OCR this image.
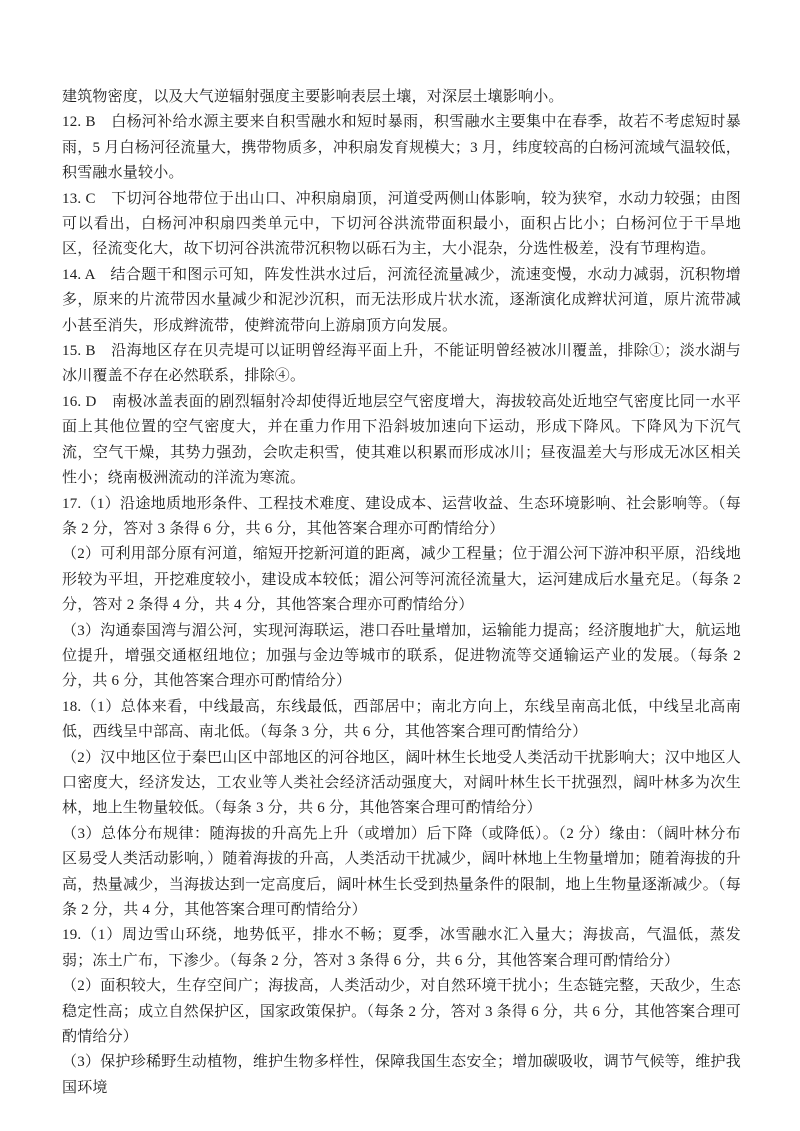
建筑物密度，以及大气逆辐射强度主要影响表层土壤，对深层土壤影响小。

12. B　白杨河补给水源主要来自积雪融水和短时暴雨，积雪融水主要集中在春季，故若不考虑短时暴雨，5 月白杨河径流量大，携带物质多，冲积扇发育规模大；3 月，纬度较高的白杨河流域气温较低，积雪融水量较小。

13. C　下切河谷地带位于出山口、冲积扇扇顶，河道受两侧山体影响，较为狭窄，水动力较强；由图可以看出，白杨河冲积扇四类单元中，下切河谷洪流带面积最小，面积占比小；白杨河位于干旱地区，径流变化大，故下切河谷洪流带沉积物以砾石为主，大小混杂，分选性极差，没有节理构造。

14. A　结合题干和图示可知，阵发性洪水过后，河流径流量减少，流速变慢，水动力减弱，沉积物增多，原来的片流带因水量减少和泥沙沉积，而无法形成片状水流，逐渐演化成辫状河道，原片流带减小甚至消失，形成辫流带，使辫流带向上游扇顶方向发展。

15. B　沿海地区存在贝壳堤可以证明曾经海平面上升，不能证明曾经被冰川覆盖，排除①；淡水湖与冰川覆盖不存在必然联系，排除④。

16. D　南极冰盖表面的剧烈辐射冷却使得近地层空气密度增大，海拔较高处近地空气密度比同一水平面上其他位置的空气密度大，并在重力作用下沿斜坡加速向下运动，形成下降风。下降风为下沉气流，空气干燥，其势力强劲，会吹走积雪，使其难以积累而形成冰川；昼夜温差大与形成无冰区相关性小；绕南极洲流动的洋流为寒流。

17.（1）沿途地质地形条件、工程技术难度、建设成本、运营收益、生态环境影响、社会影响等。（每条 2 分，答对 3 条得 6 分，共 6 分，其他答案合理亦可酌情给分）

（2）可利用部分原有河道，缩短开挖新河道的距离，减少工程量；位于湄公河下游冲积平原，沿线地形较为平坦，开挖难度较小，建设成本较低；湄公河等河流径流量大，运河建成后水量充足。（每条 2 分，答对 2 条得 4 分，共 4 分，其他答案合理亦可酌情给分）

（3）沟通泰国湾与湄公河，实现河海联运，港口吞吐量增加，运输能力提高；经济腹地扩大，航运地位提升，增强交通枢纽地位；加强与金边等城市的联系，促进物流等交通输运产业的发展。（每条 2 分，共 6 分，其他答案合理亦可酌情给分）

18.（1）总体来看，中线最高，东线最低，西部居中；南北方向上，东线呈南高北低，中线呈北高南低，西线呈中部高、南北低。（每条 3 分，共 6 分，其他答案合理可酌情给分）

（2）汉中地区位于秦巴山区中部地区的河谷地区，阔叶林生长地受人类活动干扰影响大；汉中地区人口密度大，经济发达，工农业等人类社会经济活动强度大，对阔叶林生长干扰强烈，阔叶林多为次生林，地上生物量较低。（每条 3 分，共 6 分，其他答案合理可酌情给分）

（3）总体分布规律：随海拔的升高先上升（或增加）后下降（或降低）。（2 分）缘由：（阔叶林分布区易受人类活动影响，）随着海拔的升高，人类活动干扰减少，阔叶林地上生物量增加；随着海拔的升高，热量减少，当海拔达到一定高度后，阔叶林生长受到热量条件的限制，地上生物量逐渐减少。（每条 2 分，共 4 分，其他答案合理可酌情给分）

19.（1）周边雪山环绕，地势低平，排水不畅；夏季，冰雪融水汇入量大；海拔高，气温低，蒸发弱；冻土广布，下渗少。（每条 2 分，答对 3 条得 6 分，共 6 分，其他答案合理可酌情给分）

（2）面积较大，生存空间广；海拔高，人类活动少，对自然环境干扰小；生态链完整，天敌少，生态稳定性高；成立自然保护区，国家政策保护。（每条 2 分，答对 3 条得 6 分，共 6 分，其他答案合理可酌情给分）

（3）保护珍稀野生动植物，维护生物多样性，保障我国生态安全；增加碳吸收，调节气候等，维护我国环境
